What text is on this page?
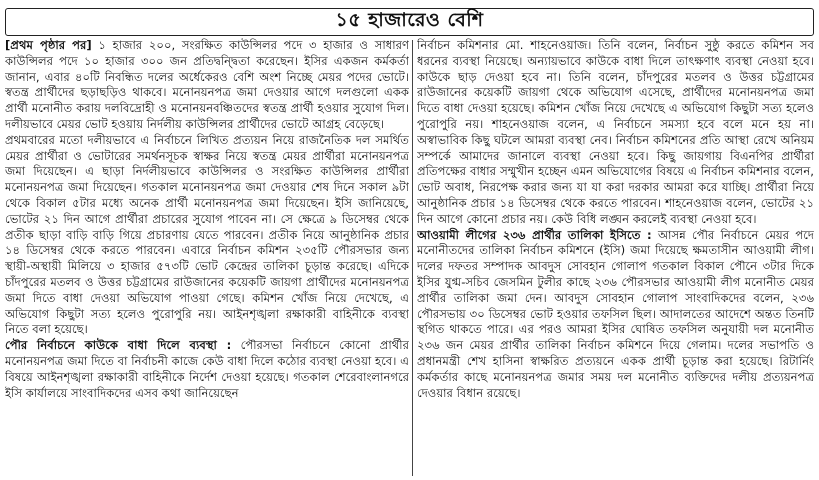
১৫ হাজারেও বেশি

[প্রথম পৃষ্ঠার পর] ১ হাজার ২০০, সংরক্ষিত কাউন্সিলর পদে ৩ হাজার ও সাধারণ কাউন্সিলর পদে ১০ হাজার ৩০০ জন প্রতিদ্বন্দ্বিতা করেছেন। ইসির একজন কর্মকর্তা জানান, এবার ৪০টি নিবন্ধিত দলের অর্ধেকেরও বেশি অংশ নিচ্ছে মেয়র পদের ভোটে। স্বতন্ত্র প্রার্থীদের ছড়াছড়িও থাকবে। মনোনয়নপত্র জমা দেওয়ার আগে দলগুলো একক প্রার্থী মনোনীত করায় দলবিদ্রোহী ও মনোনয়নবঞ্চিতদের স্বতন্ত্র প্রার্থী হওয়ার সুযোগ দিল। দলীয়ভাবে মেয়র ভোট হওয়ায় নির্দলীয় কাউন্সিলর প্রার্থীদের ভোটে আগ্রহ বেড়েছে।

প্রথমবারের মতো দলীয়ভাবে এ নির্বাচনে লিখিত প্রত্যয়ন নিয়ে রাজনৈতিক দল সমর্থিত মেয়র প্রার্থীরা ও ভোটারের সমর্থনসূচক স্বাক্ষর নিয়ে স্বতন্ত্র মেয়র প্রার্থীরা মনোনয়নপত্র জমা দিয়েছেন। এ ছাড়া নির্দলীয়ভাবে কাউন্সিলর ও সংরক্ষিত কাউন্সিলর প্রার্থীরা মনোনয়নপত্র জমা দিয়েছেন। গতকাল মনোনয়নপত্র জমা দেওয়ার শেষ দিনে সকাল ৯টা থেকে বিকাল ৫টার মধ্যে অনেক প্রার্থী মনোনয়নপত্র জমা দিয়েছেন। ইসি জানিয়েছে, ভোটের ২১ দিন আগে প্রার্থীরা প্রচারের সুযোগ পাবেন না। সে ক্ষেত্রে ৯ ডিসেম্বর থেকে প্রতীক ছাড়া বাড়ি বাড়ি গিয়ে প্রচারণায় যেতে পারবেন। প্রতীক নিয়ে আনুষ্ঠানিক প্রচার ১৪ ডিসেম্বর থেকে করতে পারবেন। এবারে নির্বাচন কমিশন ২৩৫টি পৌরসভার জন্য স্থায়ী-অস্থায়ী মিলিয়ে ৩ হাজার ৫৭৩টি ভোট কেন্দ্রের তালিকা চূড়ান্ত করেছে। এদিকে চাঁদপুরের মতলব ও উত্তর চট্টগ্রামের রাউজানের কয়েকটি জায়গা প্রার্থীদের মনোনয়নপত্র জমা দিতে বাধা দেওয়া অভিযোগ পাওয়া গেছে। কমিশন খোঁজ নিয়ে দেখেছে, এ অভিযোগ কিছুটা সত্য হলেও পুরোপুরি নয়। আইনশৃঙ্খলা রক্ষাকারী বাহিনীকে ব্যবস্থা নিতে বলা হয়েছে।

পৌর নির্বাচনে কাউকে বাধা দিলে ব্যবস্থা : পৌরসভা নির্বাচনে কোনো প্রার্থীর মনোনয়নপত্র জমা দিতে বা নির্বাচনী কাজে কেউ বাধা দিলে কঠোর ব্যবস্থা নেওয়া হবে। এ বিষয়ে আইনশৃঙ্খলা রক্ষাকারী বাহিনীকে নির্দেশ দেওয়া হয়েছে। গতকাল শেরেবাংলানগরে ইসি কার্যালয়ে সাংবাদিকদের এসব কথা জানিয়েছেন

নির্বাচন কমিশনার মো. শাহনেওয়াজ। তিনি বলেন, নির্বাচন সুষ্ঠু করতে কমিশন সব ধরনের ব্যবস্থা নিয়েছে। অন্যায়ভাবে কাউকে বাধা দিলে তাৎক্ষণাৎ ব্যবস্থা নেওয়া হবে। কাউকে ছাড় দেওয়া হবে না। তিনি বলেন, চাঁদপুরের মতলব ও উত্তর চট্টগ্রামের রাউজানের কয়েকটি জায়গা থেকে অভিযোগ এসেছে, প্রার্থীদের মনোনয়নপত্র জমা দিতে বাধা দেওয়া হয়েছে। কমিশন খোঁজ নিয়ে দেখেছে এ অভিযোগ কিছুটা সত্য হলেও পুরোপুরি নয়। শাহনেওয়াজ বলেন, এ নির্বাচনে সমস্যা হবে বলে মনে হয় না। অস্বাভাবিক কিছু ঘটলে আমরা ব্যবস্থা নেব। নির্বাচন কমিশনের প্রতি আস্থা রেখে অনিয়ম সম্পর্কে আমাদের জানালে ব্যবস্থা নেওয়া হবে। কিছু জায়গায় বিএনপির প্রার্থীরা প্রতিপক্ষের বাধার সম্মুখীন হচ্ছেন এমন অভিযোগের বিষয়ে এ নির্বাচন কমিশনার বলেন, ভোট অবাধ, নিরপেক্ষ করার জন্য যা যা করা দরকার আমরা করে যাচ্ছি। প্রার্থীরা নিয়ে আনুষ্ঠানিক প্রচার ১৪ ডিসেম্বর থেকে করতে পারবেন। শাহনেওয়াজ বলেন, ভোটের ২১ দিন আগে কোনো প্রচার নয়। কেউ বিধি লঙ্ঘন করলেই ব্যবস্থা নেওয়া হবে।

আওয়ামী লীগের ২৩৬ প্রার্থীর তালিকা ইসিতে : আসন্ন পৌর নির্বাচনে মেয়র পদে মনোনীতদের তালিকা নির্বাচন কমিশনে (ইসি) জমা দিয়েছে ক্ষমতাসীন আওয়ামী লীগ। দলের দফতর সম্পাদক আবদুস সোবহান গোলাপ গতকাল বিকাল পৌনে ৩টার দিকে ইসির যুগ্ম-সচিব জেসমিন টুলীর কাছে ২৩৬ পৌরসভার আওয়ামী লীগ মনোনীত মেয়র প্রার্থীর তালিকা জমা দেন। আবদুস সোবহান গোলাপ সাংবাদিকদের বলেন, ২৩৬ পৌরসভায় ৩০ ডিসেম্বর ভোট হওয়ার তফসিল ছিল। আদালতের আদেশে অন্তত তিনটি স্থগিত থাকতে পারে। এর পরও আমরা ইসির ঘোষিত তফসিল অনুযায়ী দল মনোনীত ২৩৬ জন মেয়র প্রার্থীর তালিকা নির্বাচন কমিশনে দিয়ে গেলাম। দলের সভাপতি ও প্রধানমন্ত্রী শেখ হাসিনা স্বাক্ষরিত প্রত্যয়নে একক প্রার্থী চূড়ান্ত করা হয়েছে। রিটার্নিং কর্মকর্তার কাছে মনোনয়নপত্র জমার সময় দল মনোনীত ব্যক্তিদের দলীয় প্রত্যয়নপত্র দেওয়ার বিধান রয়েছে।
